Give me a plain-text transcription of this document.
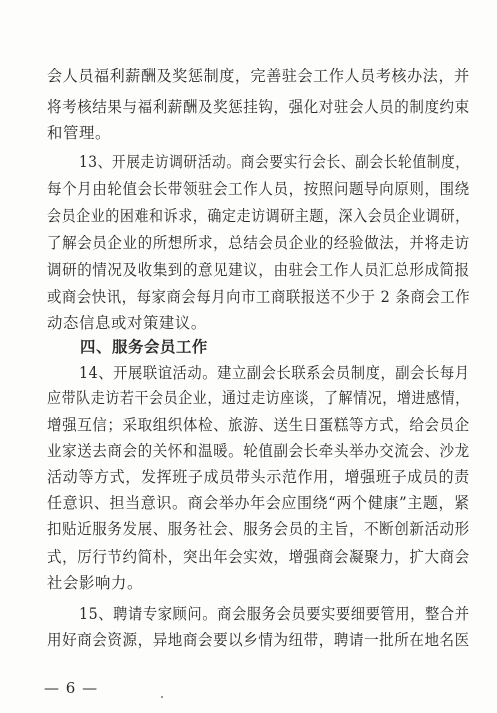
会人员福利薪酬及奖惩制度，完善驻会工作人员考核办法，并
将考核结果与福利薪酬及奖惩挂钩，强化对驻会人员的制度约束
和管理。
13、开展走访调研活动。商会要实行会长、副会长轮值制度，
每个月由轮值会长带领驻会工作人员，按照问题导向原则，围绕
会员企业的困难和诉求，确定走访调研主题，深入会员企业调研，
了解会员企业的所想所求，总结会员企业的经验做法，并将走访
调研的情况及收集到的意见建议，由驻会工作人员汇总形成简报
或商会快讯，每家商会每月向市工商联报送不少于 2 条商会工作
动态信息或对策建议。
四、服务会员工作
14、开展联谊活动。建立副会长联系会员制度，副会长每月
应带队走访若干会员企业，通过走访座谈，了解情况，增进感情，
增强互信；采取组织体检、旅游、送生日蛋糕等方式，给会员企
业家送去商会的关怀和温暖。轮值副会长牵头举办交流会、沙龙
活动等方式，发挥班子成员带头示范作用，增强班子成员的责
任意识、担当意识。商会举办年会应围绕“两个健康”主题，紧
扣贴近服务发展、服务社会、服务会员的主旨，不断创新活动形
式，厉行节约简朴，突出年会实效，增强商会凝聚力，扩大商会
社会影响力。
15、聘请专家顾问。商会服务会员要实要细要管用，整合并
用好商会资源，异地商会要以乡情为纽带，聘请一批所在地名医
— 6 —
